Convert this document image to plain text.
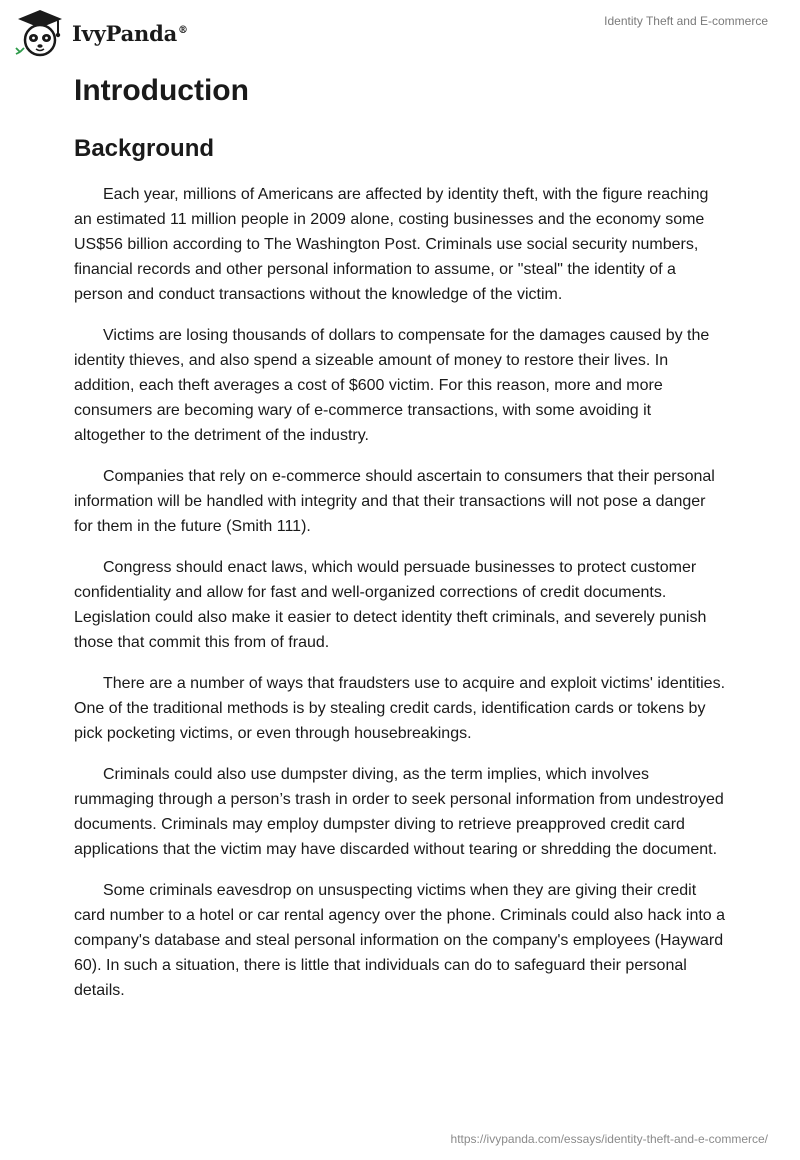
IvyPanda®
Identity Theft and E-commerce
Introduction
Background

Each year, millions of Americans are affected by identity theft, with the figure reaching an estimated 11 million people in 2009 alone, costing businesses and the economy some US$56 billion according to The Washington Post. Criminals use social security numbers, financial records and other personal information to assume, or "steal" the identity of a person and conduct transactions without the knowledge of the victim.

Victims are losing thousands of dollars to compensate for the damages caused by the identity thieves, and also spend a sizeable amount of money to restore their lives. In addition, each theft averages a cost of $600 victim. For this reason, more and more consumers are becoming wary of e-commerce transactions, with some avoiding it altogether to the detriment of the industry.

Companies that rely on e-commerce should ascertain to consumers that their personal information will be handled with integrity and that their transactions will not pose a danger for them in the future (Smith 111).

Congress should enact laws, which would persuade businesses to protect customer confidentiality and allow for fast and well-organized corrections of credit documents. Legislation could also make it easier to detect identity theft criminals, and severely punish those that commit this from of fraud.

There are a number of ways that fraudsters use to acquire and exploit victims' identities. One of the traditional methods is by stealing credit cards, identification cards or tokens by pick pocketing victims, or even through housebreakings.

Criminals could also use dumpster diving, as the term implies, which involves rummaging through a person’s trash in order to seek personal information from undestroyed documents. Criminals may employ dumpster diving to retrieve preapproved credit card applications that the victim may have discarded without tearing or shredding the document.

Some criminals eavesdrop on unsuspecting victims when they are giving their credit card number to a hotel or car rental agency over the phone. Criminals could also hack into a company's database and steal personal information on the company's employees (Hayward 60). In such a situation, there is little that individuals can do to safeguard their personal details.

https://ivypanda.com/essays/identity-theft-and-e-commerce/
